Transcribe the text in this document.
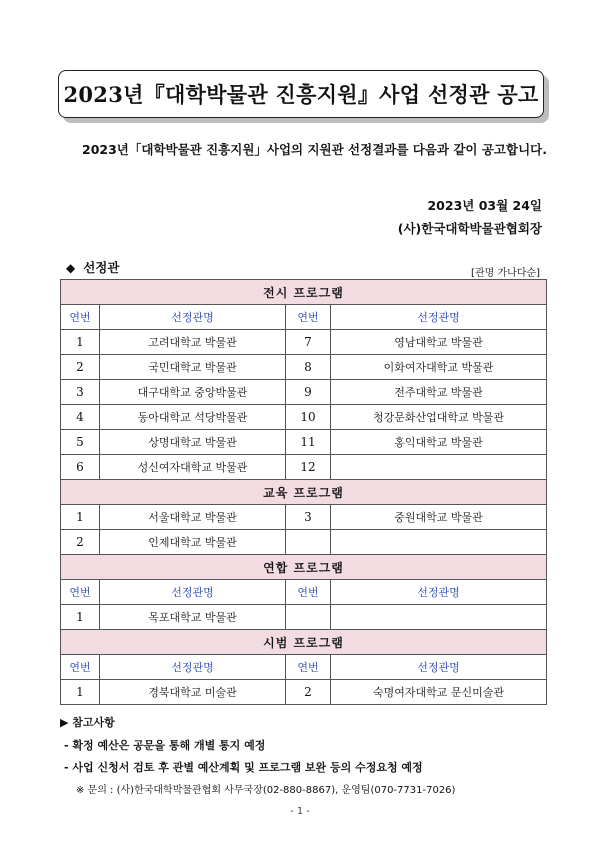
2023년『대학박물관 진흥지원』사업 선정관 공고
2023년「대학박물관 진흥지원」사업의 지원관 선정결과를 다음과 같이 공고합니다.
2023년 03월 24일
(사)한국대학박물관협회장
◆ 선정관	[관명 가나다순]
전시 프로그램			
연번	선정관명	연번	선정관명
1	고려대학교 박물관	7	영남대학교 박물관
2	국민대학교 박물관	8	이화여자대학교 박물관
3	대구대학교 중앙박물관	9	전주대학교 박물관
4	동아대학교 석당박물관	10	청강문화산업대학교 박물관
5	상명대학교 박물관	11	홍익대학교 박물관
6	성신여자대학교 박물관	12	
교육 프로그램			
1	서울대학교 박물관	3	중원대학교 박물관
2	인제대학교 박물관		
연합 프로그램			
연번	선정관명	연번	선정관명
1	목포대학교 박물관		
시범 프로그램			
연번	선정관명	연번	선정관명
1	경북대학교 미술관	2	숙명여자대학교 문신미술관
▶ 참고사항
- 확정 예산은 공문을 통해 개별 통지 예정
- 사업 신청서 검토 후 관별 예산계획 및 프로그램 보완 등의 수정요청 예정
※ 문의 : (사)한국대학박물관협회 사무국장(02-880-8867), 운영팀(070-7731-7026)
- 1 -
